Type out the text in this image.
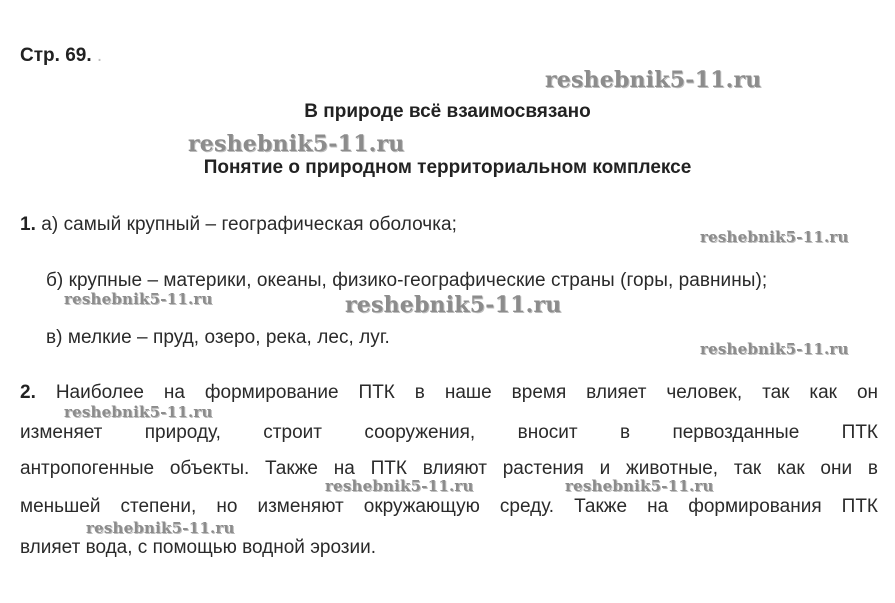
Стр. 69. .
В природе всё взаимосвязано
Понятие о природном территориальном комплексе
1. а) самый крупный – географическая оболочка;
б) крупные – материки, океаны, физико-географические страны (горы, равнины);
в) мелкие – пруд, озеро, река, лес, луг.
2. Наиболее на формирование ПТК в наше время влияет человек, так как он
изменяет природу, строит сооружения, вносит в первозданные ПТК
антропогенные объекты. Также на ПТК влияют растения и животные, так как они в
меньшей степени, но изменяют окружающую среду. Также на формирования ПТК
влияет вода, с помощью водной эрозии.
reshebnik5-11.ru
reshebnik5-11.ru
reshebnik5-11.ru
reshebnik5-11.ru	reshebnik5-11.ru
reshebnik5-11.ru
reshebnik5-11.ru
reshebnik5-11.ru	reshebnik5-11.ru
reshebnik5-11.ru
